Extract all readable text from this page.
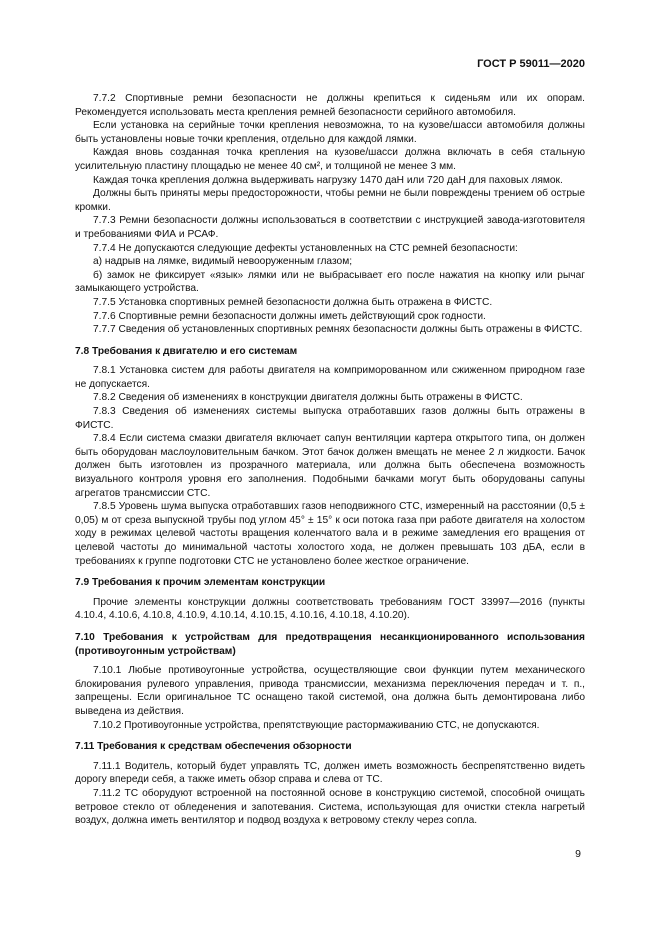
ГОСТ Р 59011—2020

7.7.2 Спортивные ремни безопасности не должны крепиться к сиденьям или их опорам. Рекомендуется использовать места крепления ремней безопасности серийного автомобиля.

Если установка на серийные точки крепления невозможна, то на кузове/шасси автомобиля должны быть установлены новые точки крепления, отдельно для каждой лямки.

Каждая вновь созданная точка крепления на кузове/шасси должна включать в себя стальную усилительную пластину площадью не менее 40 см², и толщиной не менее 3 мм.

Каждая точка крепления должна выдерживать нагрузку 1470 даН или 720 даН для паховых лямок.

Должны быть приняты меры предосторожности, чтобы ремни не были повреждены трением об острые кромки.

7.7.3 Ремни безопасности должны использоваться в соответствии с инструкцией завода-изготовителя и требованиями ФИА и РСАФ.

7.7.4 Не допускаются следующие дефекты установленных на СТС ремней безопасности:

а) надрыв на лямке, видимый невооруженным глазом;

б) замок не фиксирует «язык» лямки или не выбрасывает его после нажатия на кнопку или рычаг замыкающего устройства.

7.7.5 Установка спортивных ремней безопасности должна быть отражена в ФИСТС.

7.7.6 Спортивные ремни безопасности должны иметь действующий срок годности.

7.7.7 Сведения об установленных спортивных ремнях безопасности должны быть отражены в ФИСТС.

7.8 Требования к двигателю и его системам

7.8.1 Установка систем для работы двигателя на комприморованном или сжиженном природном газе не допускается.

7.8.2 Сведения об изменениях в конструкции двигателя должны быть отражены в ФИСТС.

7.8.3 Сведения об изменениях системы выпуска отработавших газов должны быть отражены в ФИСТС.

7.8.4 Если система смазки двигателя включает сапун вентиляции картера открытого типа, он должен быть оборудован маслоуловительным бачком. Этот бачок должен вмещать не менее 2 л жидкости. Бачок должен быть изготовлен из прозрачного материала, или должна быть обеспечена возможность визуального контроля уровня его заполнения. Подобными бачками могут быть оборудованы сапуны агрегатов трансмиссии СТС.

7.8.5 Уровень шума выпуска отработавших газов неподвижного СТС, измеренный на расстоянии (0,5 ± 0,05) м от среза выпускной трубы под углом 45° ± 15° к оси потока газа при работе двигателя на холостом ходу в режимах целевой частоты вращения коленчатого вала и в режиме замедления его вращения от целевой частоты до минимальной частоты холостого хода, не должен превышать 103 дБА, если в требованиях к группе подготовки СТС не установлено более жесткое ограничение.

7.9 Требования к прочим элементам конструкции

Прочие элементы конструкции должны соответствовать требованиям ГОСТ 33997—2016 (пункты 4.10.4, 4.10.6, 4.10.8, 4.10.9, 4.10.14, 4.10.15, 4.10.16, 4.10.18, 4.10.20).

7.10 Требования к устройствам для предотвращения несанкционированного использования (противоугонным устройствам)

7.10.1 Любые противоугонные устройства, осуществляющие свои функции путем механического блокирования рулевого управления, привода трансмиссии, механизма переключения передач и т. п., запрещены. Если оригинальное ТС оснащено такой системой, она должна быть демонтирована либо выведена из действия.

7.10.2 Противоугонные устройства, препятствующие растормаживанию СТС, не допускаются.

7.11 Требования к средствам обеспечения обзорности

7.11.1 Водитель, который будет управлять ТС, должен иметь возможность беспрепятственно видеть дорогу впереди себя, а также иметь обзор справа и слева от ТС.

7.11.2 ТС оборудуют встроенной на постоянной основе в конструкцию системой, способной очищать ветровое стекло от обледенения и запотевания. Система, использующая для очистки стекла нагретый воздух, должна иметь вентилятор и подвод воздуха к ветровому стеклу через сопла.

9
